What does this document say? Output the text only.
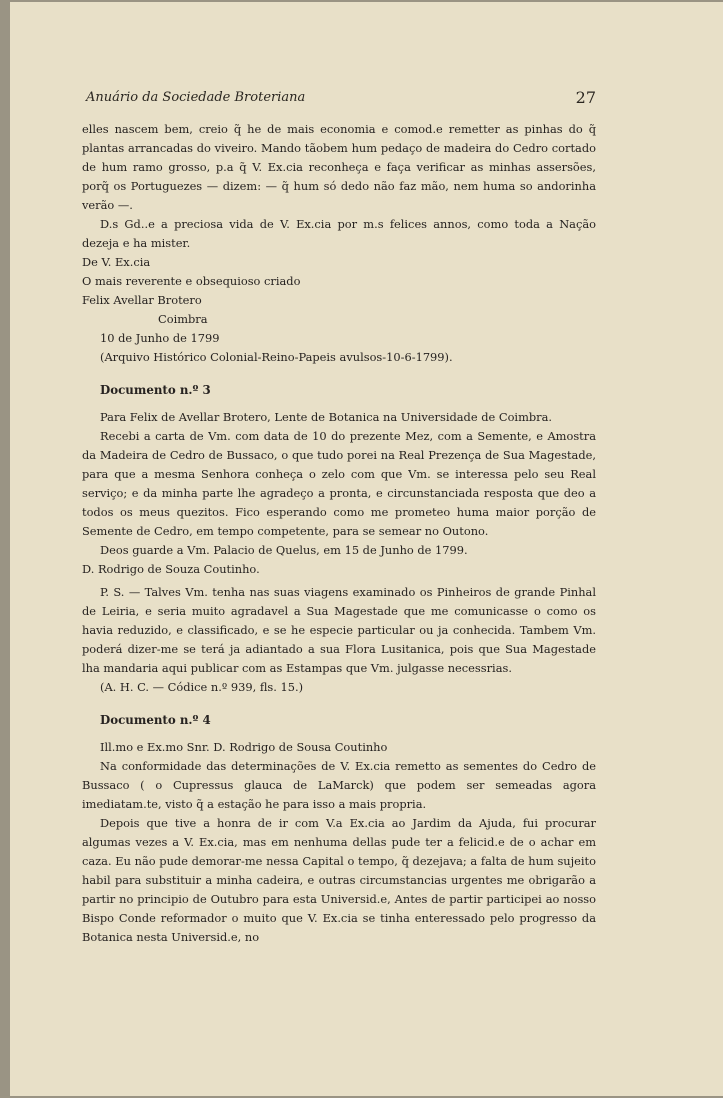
Anuário da Sociedade Broteriana	27

elles nascem bem, creio q̃ he de mais economia e comod.e remetter as pinhas do q̃ plantas arrancadas do viveiro. Mando tãobem hum pedaço de madeira do Cedro cortado de hum ramo grosso, p.a q̃ V. Ex.cia reconheça e faça verificar as minhas assersões, porq̃ os Portuguezes — dizem: — q̃ hum só dedo não faz mão, nem huma so andorinha verão —.

D.s Gd..e a preciosa vida de V. Ex.cia por m.s felices annos, como toda a Nação dezeja e ha mister.

De V. Ex.cia

O mais reverente e obsequioso criado

Felix Avellar Brotero

Coimbra

10 de Junho de 1799

(Arquivo Histórico Colonial-Reino-Papeis avulsos-10-6-1799).

Documento n.º 3

Para Felix de Avellar Brotero, Lente de Botanica na Universidade de Coimbra.

Recebi a carta de Vm. com data de 10 do prezente Mez, com a Semente, e Amostra da Madeira de Cedro de Bussaco, o que tudo porei na Real Prezença de Sua Magestade, para que a mesma Senhora conheça o zelo com que Vm. se interessa pelo seu Real serviço; e da minha parte lhe agradeço a pronta, e circunstanciada resposta que deo a todos os meus quezitos. Fico esperando como me prometeo huma maior porção de Semente de Cedro, em tempo competente, para se semear no Outono.

Deos guarde a Vm. Palacio de Quelus, em 15 de Junho de 1799.

D. Rodrigo de Souza Coutinho.

P. S. — Talves Vm. tenha nas suas viagens examinado os Pinheiros de grande Pinhal de Leiria, e seria muito agradavel a Sua Magestade que me comunicasse o como os havia reduzido, e classificado, e se he especie particular ou ja conhecida. Tambem Vm. poderá dizer-me se terá ja adiantado a sua Flora Lusitanica, pois que Sua Magestade lha mandaria aqui publicar com as Estampas que Vm. julgasse necessrias.

(A. H. C. — Códice n.º 939, fls. 15.)

Documento n.º 4

Ill.mo e Ex.mo Snr. D. Rodrigo de Sousa Coutinho

Na conformidade das determinações de V. Ex.cia remetto as sementes do Cedro de Bussaco ( o Cupressus glauca de LaMarck) que podem ser semeadas agora imediatam.te, visto q̃ a estação he para isso a mais propria.

Depois que tive a honra de ir com V.a Ex.cia ao Jardim da Ajuda, fui procurar algumas vezes a V. Ex.cia, mas em nenhuma dellas pude ter a felicid.e de o achar em caza. Eu não pude demorar-me nessa Capital o tempo, q̃ dezejava; a falta de hum sujeito habil para substituir a minha cadeira, e outras circumstancias urgentes me obrigarão a partir no principio de Outubro para esta Universid.e, Antes de partir participei ao nosso Bispo Conde reformador o muito que V. Ex.cia se tinha enteressado pelo progresso da Botanica nesta Universid.e, no
